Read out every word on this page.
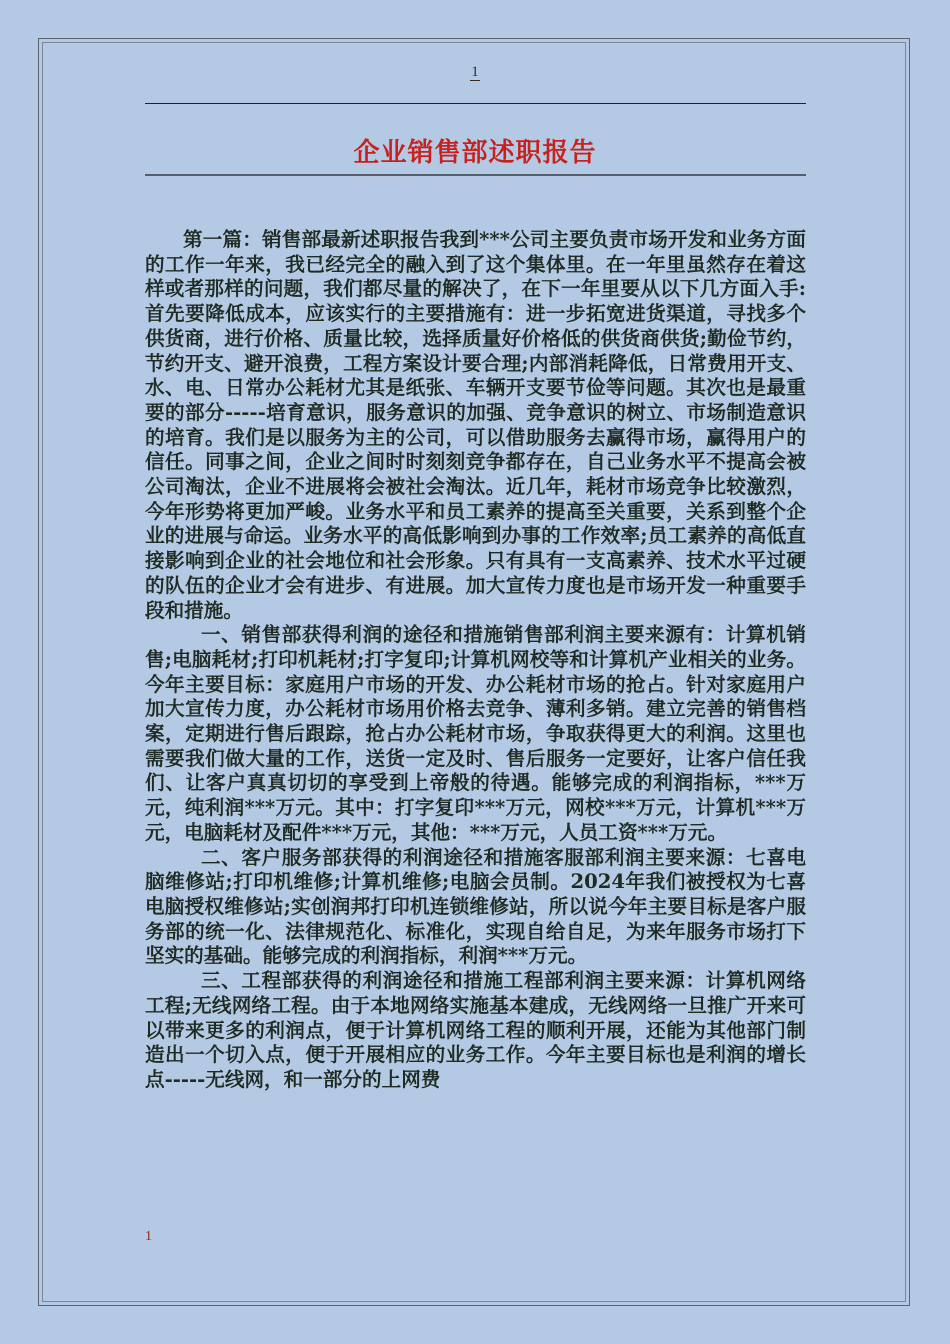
1
企业销售部述职报告

第一篇：销售部最新述职报告我到***公司主要负责市场开发和业务方面的工作一年来，我已经完全的融入到了这个集体里。在一年里虽然存在着这样或者那样的问题，我们都尽量的解决了，在下一年里要从以下几方面入手:首先要降低成本，应该实行的主要措施有：进一步拓宽进货渠道，寻找多个供货商，进行价格、质量比较，选择质量好价格低的供货商供货;勤俭节约，节约开支、避开浪费，工程方案设计要合理;内部消耗降低，日常费用开支、水、电、日常办公耗材尤其是纸张、车辆开支要节俭等问题。其次也是最重要的部分-----培育意识，服务意识的加强、竞争意识的树立、市场制造意识的培育。我们是以服务为主的公司，可以借助服务去赢得市场，赢得用户的信任。同事之间，企业之间时时刻刻竞争都存在，自己业务水平不提高会被公司淘汰，企业不进展将会被社会淘汰。近几年，耗材市场竞争比较激烈，今年形势将更加严峻。业务水平和员工素养的提高至关重要，关系到整个企业的进展与命运。业务水平的高低影响到办事的工作效率;员工素养的高低直接影响到企业的社会地位和社会形象。只有具有一支高素养、技术水平过硬的队伍的企业才会有进步、有进展。加大宣传力度也是市场开发一种重要手段和措施。

一、销售部获得利润的途径和措施销售部利润主要来源有：计算机销售;电脑耗材;打印机耗材;打字复印;计算机网校等和计算机产业相关的业务。今年主要目标：家庭用户市场的开发、办公耗材市场的抢占。针对家庭用户加大宣传力度，办公耗材市场用价格去竞争、薄利多销。建立完善的销售档案，定期进行售后跟踪，抢占办公耗材市场，争取获得更大的利润。这里也需要我们做大量的工作，送货一定及时、售后服务一定要好，让客户信任我们、让客户真真切切的享受到上帝般的待遇。能够完成的利润指标，***万元，纯利润***万元。其中：打字复印***万元，网校***万元，计算机***万元，电脑耗材及配件***万元，其他：***万元，人员工资***万元。

二、客户服务部获得的利润途径和措施客服部利润主要来源：七喜电脑维修站;打印机维修;计算机维修;电脑会员制。2024年我们被授权为七喜电脑授权维修站;实创润邦打印机连锁维修站，所以说今年主要目标是客户服务部的统一化、法律规范化、标准化，实现自给自足，为来年服务市场打下坚实的基础。能够完成的利润指标，利润***万元。

三、工程部获得的利润途径和措施工程部利润主要来源：计算机网络工程;无线网络工程。由于本地网络实施基本建成，无线网络一旦推广开来可以带来更多的利润点，便于计算机网络工程的顺利开展，还能为其他部门制造出一个切入点，便于开展相应的业务工作。今年主要目标也是利润的增长点-----无线网，和一部分的上网费

1
